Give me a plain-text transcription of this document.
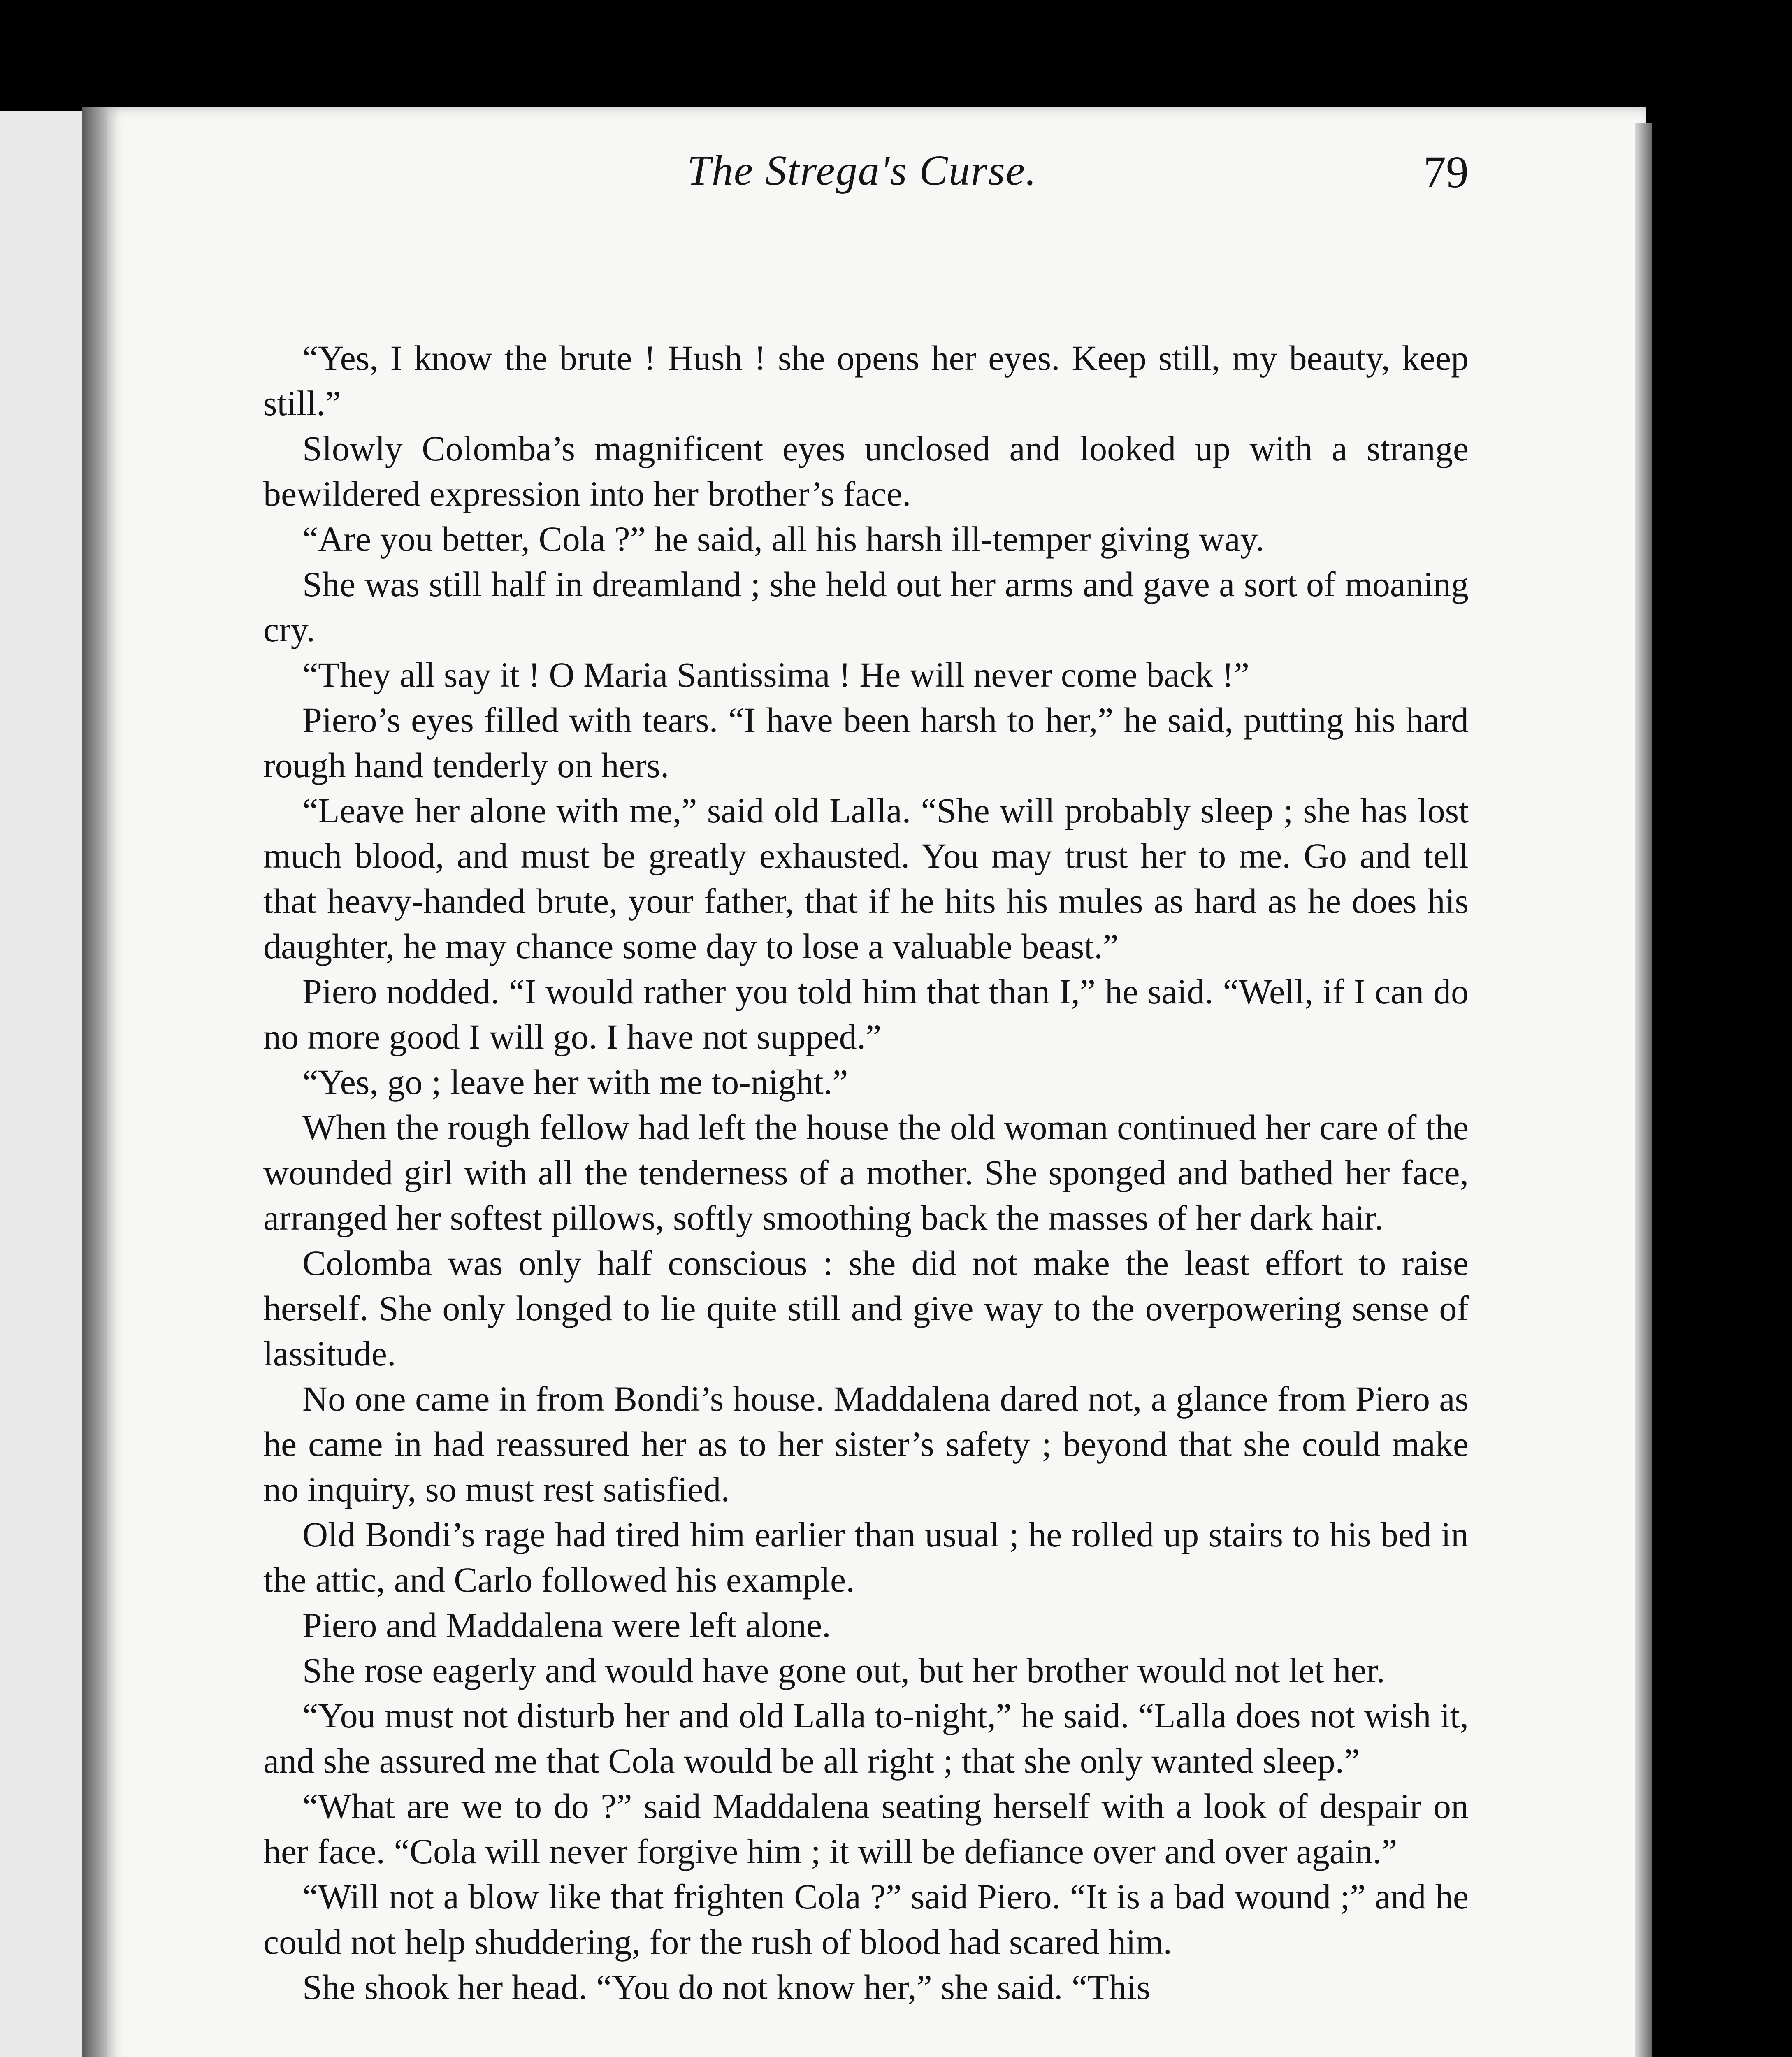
The Strega's Curse.	79

“Yes, I know the brute ! Hush ! she opens her eyes. Keep still, my beauty, keep still.”

Slowly Colomba’s magnificent eyes unclosed and looked up with a strange bewildered expression into her brother’s face.

“Are you better, Cola ?” he said, all his harsh ill-temper giving way.

She was still half in dreamland ; she held out her arms and gave a sort of moaning cry.

“They all say it ! O Maria Santissima ! He will never come back !”

Piero’s eyes filled with tears. “I have been harsh to her,” he said, putting his hard rough hand tenderly on hers.

“Leave her alone with me,” said old Lalla. “She will probably sleep ; she has lost much blood, and must be greatly exhausted. You may trust her to me. Go and tell that heavy-handed brute, your father, that if he hits his mules as hard as he does his daughter, he may chance some day to lose a valuable beast.”

Piero nodded. “I would rather you told him that than I,” he said. “Well, if I can do no more good I will go. I have not supped.”

“Yes, go ; leave her with me to-night.”

When the rough fellow had left the house the old woman continued her care of the wounded girl with all the tenderness of a mother. She sponged and bathed her face, arranged her softest pillows, softly smoothing back the masses of her dark hair.

Colomba was only half conscious : she did not make the least effort to raise herself. She only longed to lie quite still and give way to the overpowering sense of lassitude.

No one came in from Bondi’s house. Maddalena dared not, a glance from Piero as he came in had reassured her as to her sister’s safety ; beyond that she could make no inquiry, so must rest satisfied.

Old Bondi’s rage had tired him earlier than usual ; he rolled up stairs to his bed in the attic, and Carlo followed his example.

Piero and Maddalena were left alone.

She rose eagerly and would have gone out, but her brother would not let her.

“You must not disturb her and old Lalla to-night,” he said. “Lalla does not wish it, and she assured me that Cola would be all right ; that she only wanted sleep.”

“What are we to do ?” said Maddalena seating herself with a look of despair on her face. “Cola will never forgive him ; it will be defiance over and over again.”

“Will not a blow like that frighten Cola ?” said Piero. “It is a bad wound ;” and he could not help shuddering, for the rush of blood had scared him.

She shook her head. “You do not know her,” she said. “This
